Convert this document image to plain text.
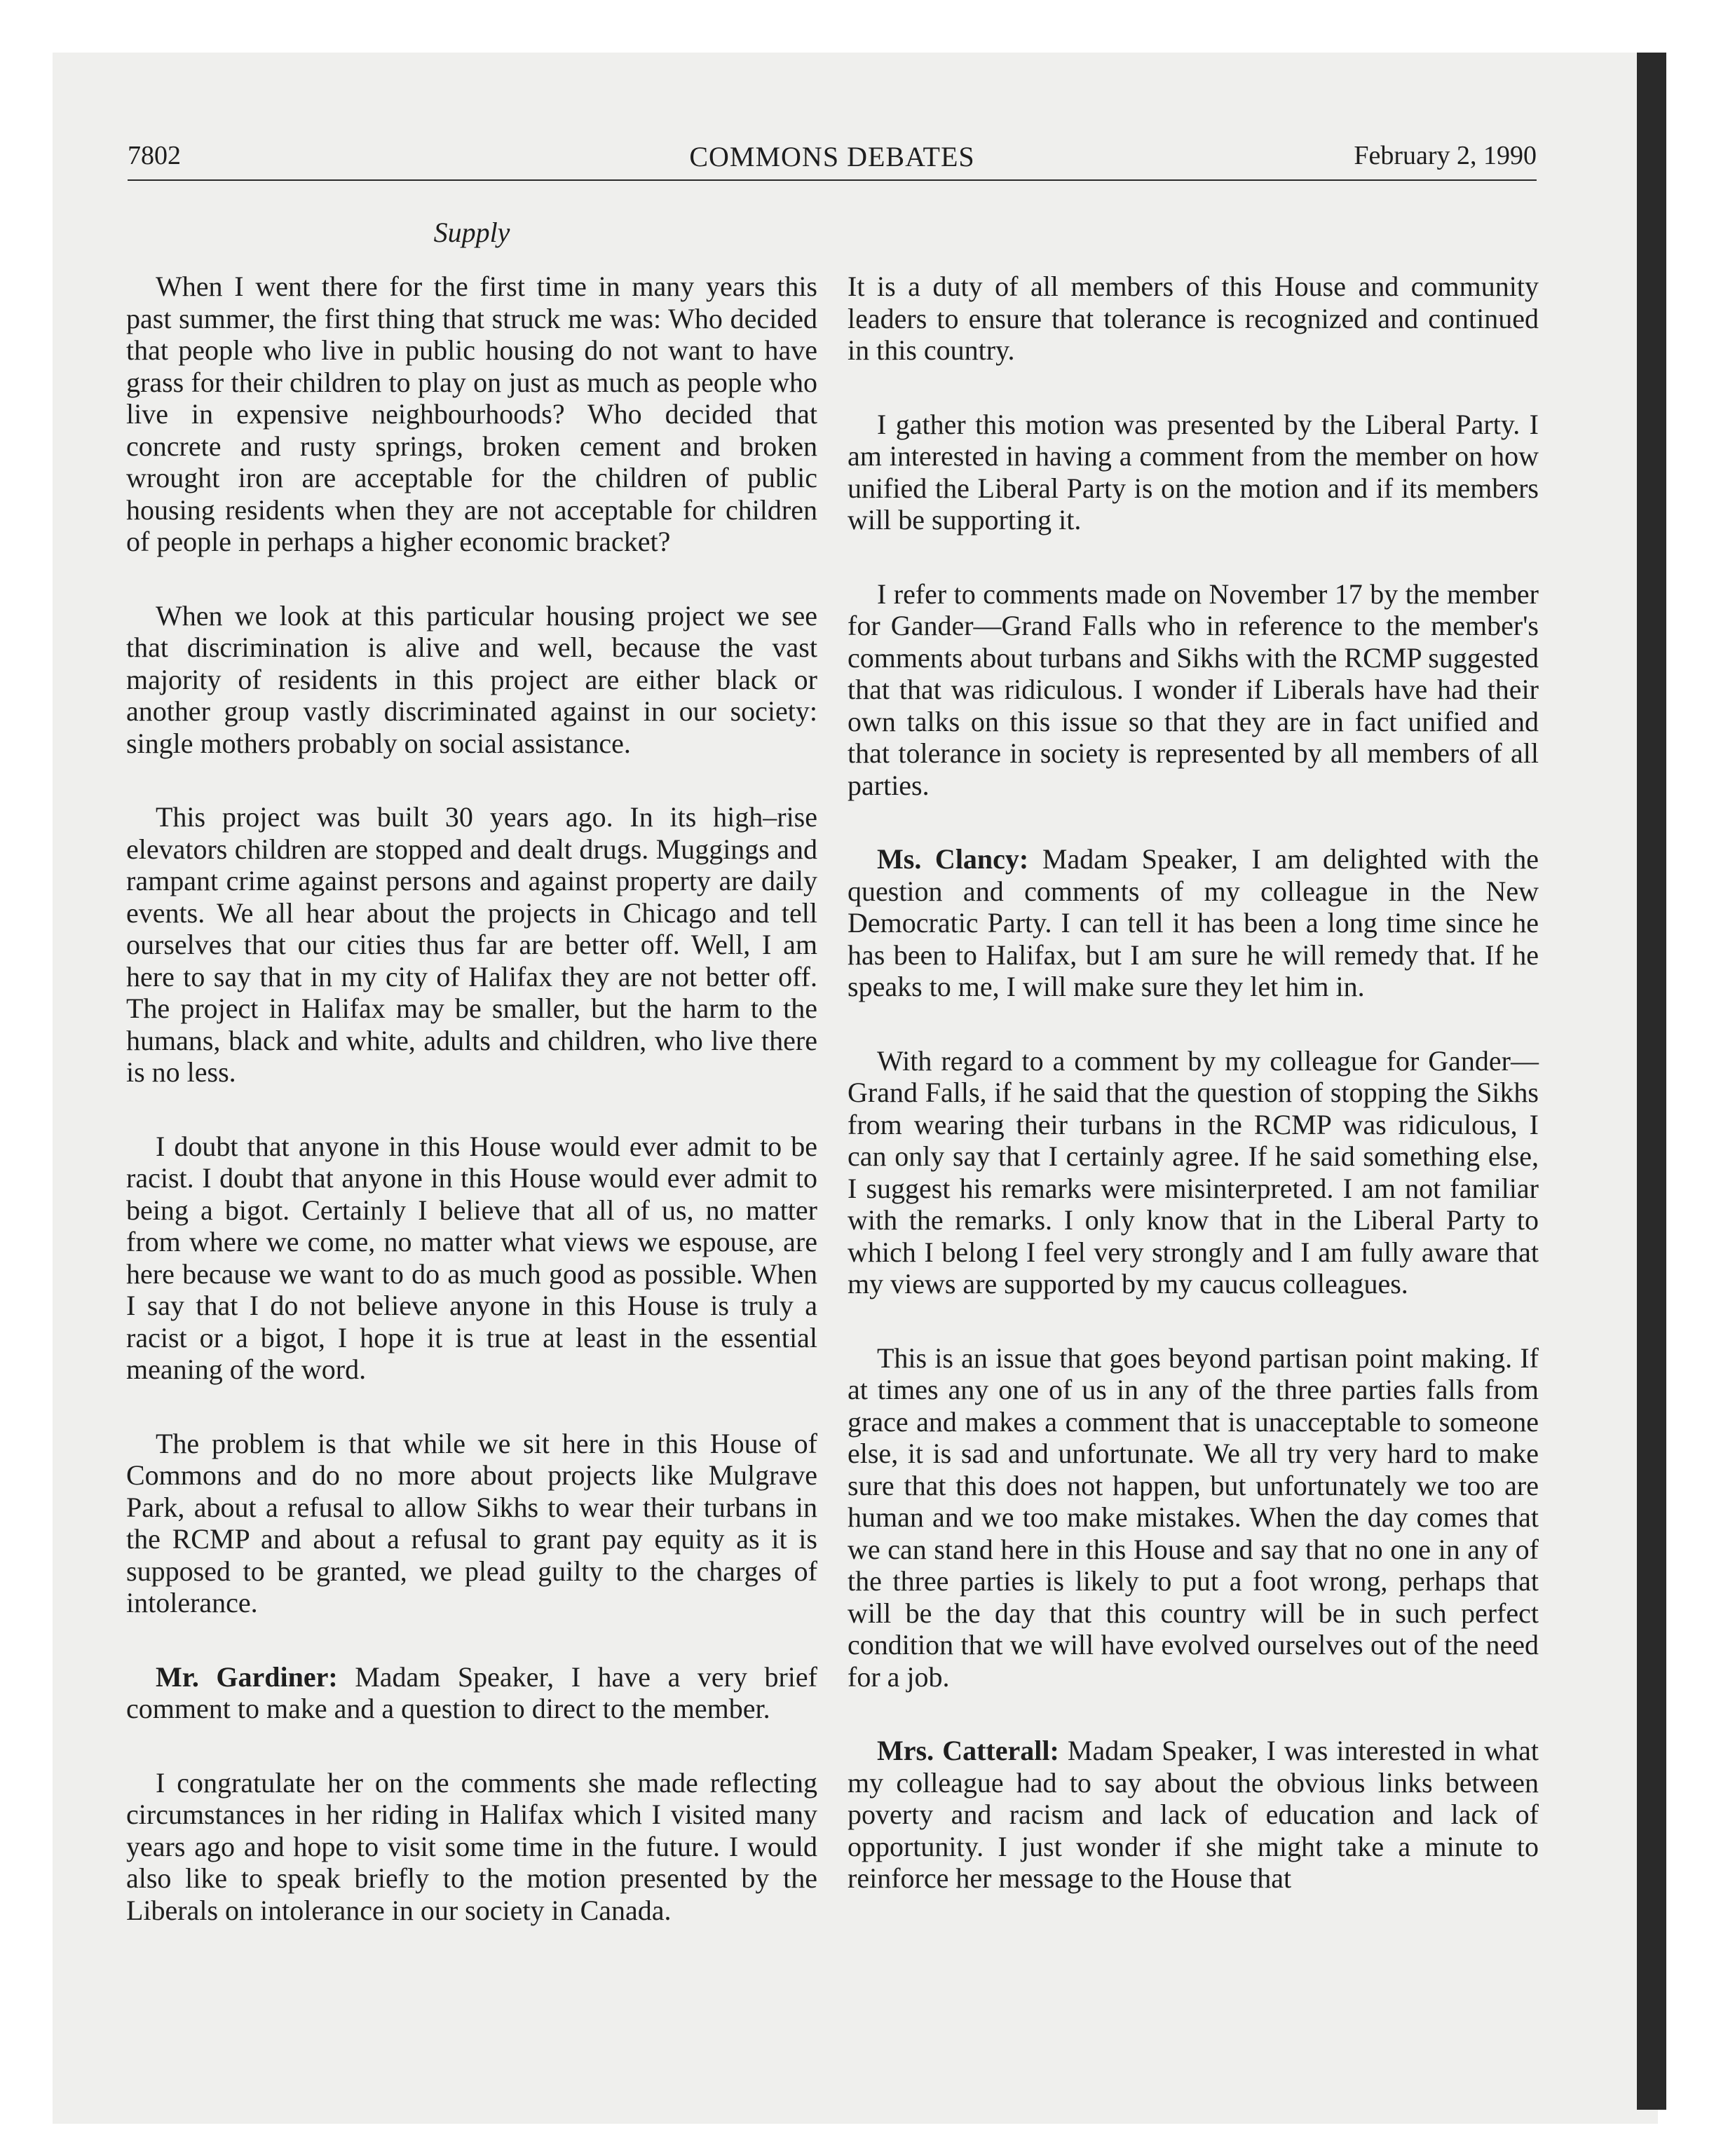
7802	COMMONS DEBATES	February 2, 1990
Supply

When I went there for the first time in many years this past summer, the first thing that struck me was: Who decided that people who live in public housing do not want to have grass for their children to play on just as much as people who live in expensive neighbourhoods? Who decided that concrete and rusty springs, broken cement and broken wrought iron are acceptable for the children of public housing residents when they are not acceptable for children of people in perhaps a higher economic bracket?

When we look at this particular housing project we see that discrimination is alive and well, because the vast majority of residents in this project are either black or another group vastly discriminated against in our society: single mothers probably on social assistance.

This project was built 30 years ago. In its high–rise elevators children are stopped and dealt drugs. Muggings and rampant crime against persons and against property are daily events. We all hear about the projects in Chicago and tell ourselves that our cities thus far are better off. Well, I am here to say that in my city of Halifax they are not better off. The project in Halifax may be smaller, but the harm to the humans, black and white, adults and children, who live there is no less.

I doubt that anyone in this House would ever admit to be racist. I doubt that anyone in this House would ever admit to being a bigot. Certainly I believe that all of us, no matter from where we come, no matter what views we espouse, are here because we want to do as much good as possible. When I say that I do not believe anyone in this House is truly a racist or a bigot, I hope it is true at least in the essential meaning of the word.

The problem is that while we sit here in this House of Commons and do no more about projects like Mulgrave Park, about a refusal to allow Sikhs to wear their turbans in the RCMP and about a refusal to grant pay equity as it is supposed to be granted, we plead guilty to the charges of intolerance.

Mr. Gardiner: Madam Speaker, I have a very brief comment to make and a question to direct to the member.

I congratulate her on the comments she made reflecting circumstances in her riding in Halifax which I visited many years ago and hope to visit some time in the future. I would also like to speak briefly to the motion presented by the Liberals on intolerance in our society in Canada.

It is a duty of all members of this House and community leaders to ensure that tolerance is recognized and continued in this country.

I gather this motion was presented by the Liberal Party. I am interested in having a comment from the member on how unified the Liberal Party is on the motion and if its members will be supporting it.

I refer to comments made on November 17 by the member for Gander—Grand Falls who in reference to the member's comments about turbans and Sikhs with the RCMP suggested that that was ridiculous. I wonder if Liberals have had their own talks on this issue so that they are in fact unified and that tolerance in society is represented by all members of all parties.

Ms. Clancy: Madam Speaker, I am delighted with the question and comments of my colleague in the New Democratic Party. I can tell it has been a long time since he has been to Halifax, but I am sure he will remedy that. If he speaks to me, I will make sure they let him in.

With regard to a comment by my colleague for Gander—Grand Falls, if he said that the question of stopping the Sikhs from wearing their turbans in the RCMP was ridiculous, I can only say that I certainly agree. If he said something else, I suggest his remarks were misinterpreted. I am not familiar with the remarks. I only know that in the Liberal Party to which I belong I feel very strongly and I am fully aware that my views are supported by my caucus colleagues.

This is an issue that goes beyond partisan point making. If at times any one of us in any of the three parties falls from grace and makes a comment that is unacceptable to someone else, it is sad and unfortunate. We all try very hard to make sure that this does not happen, but unfortunately we too are human and we too make mistakes. When the day comes that we can stand here in this House and say that no one in any of the three parties is likely to put a foot wrong, perhaps that will be the day that this country will be in such perfect condition that we will have evolved ourselves out of the need for a job.

Mrs. Catterall: Madam Speaker, I was interested in what my colleague had to say about the obvious links between poverty and racism and lack of education and lack of opportunity. I just wonder if she might take a minute to reinforce her message to the House that
